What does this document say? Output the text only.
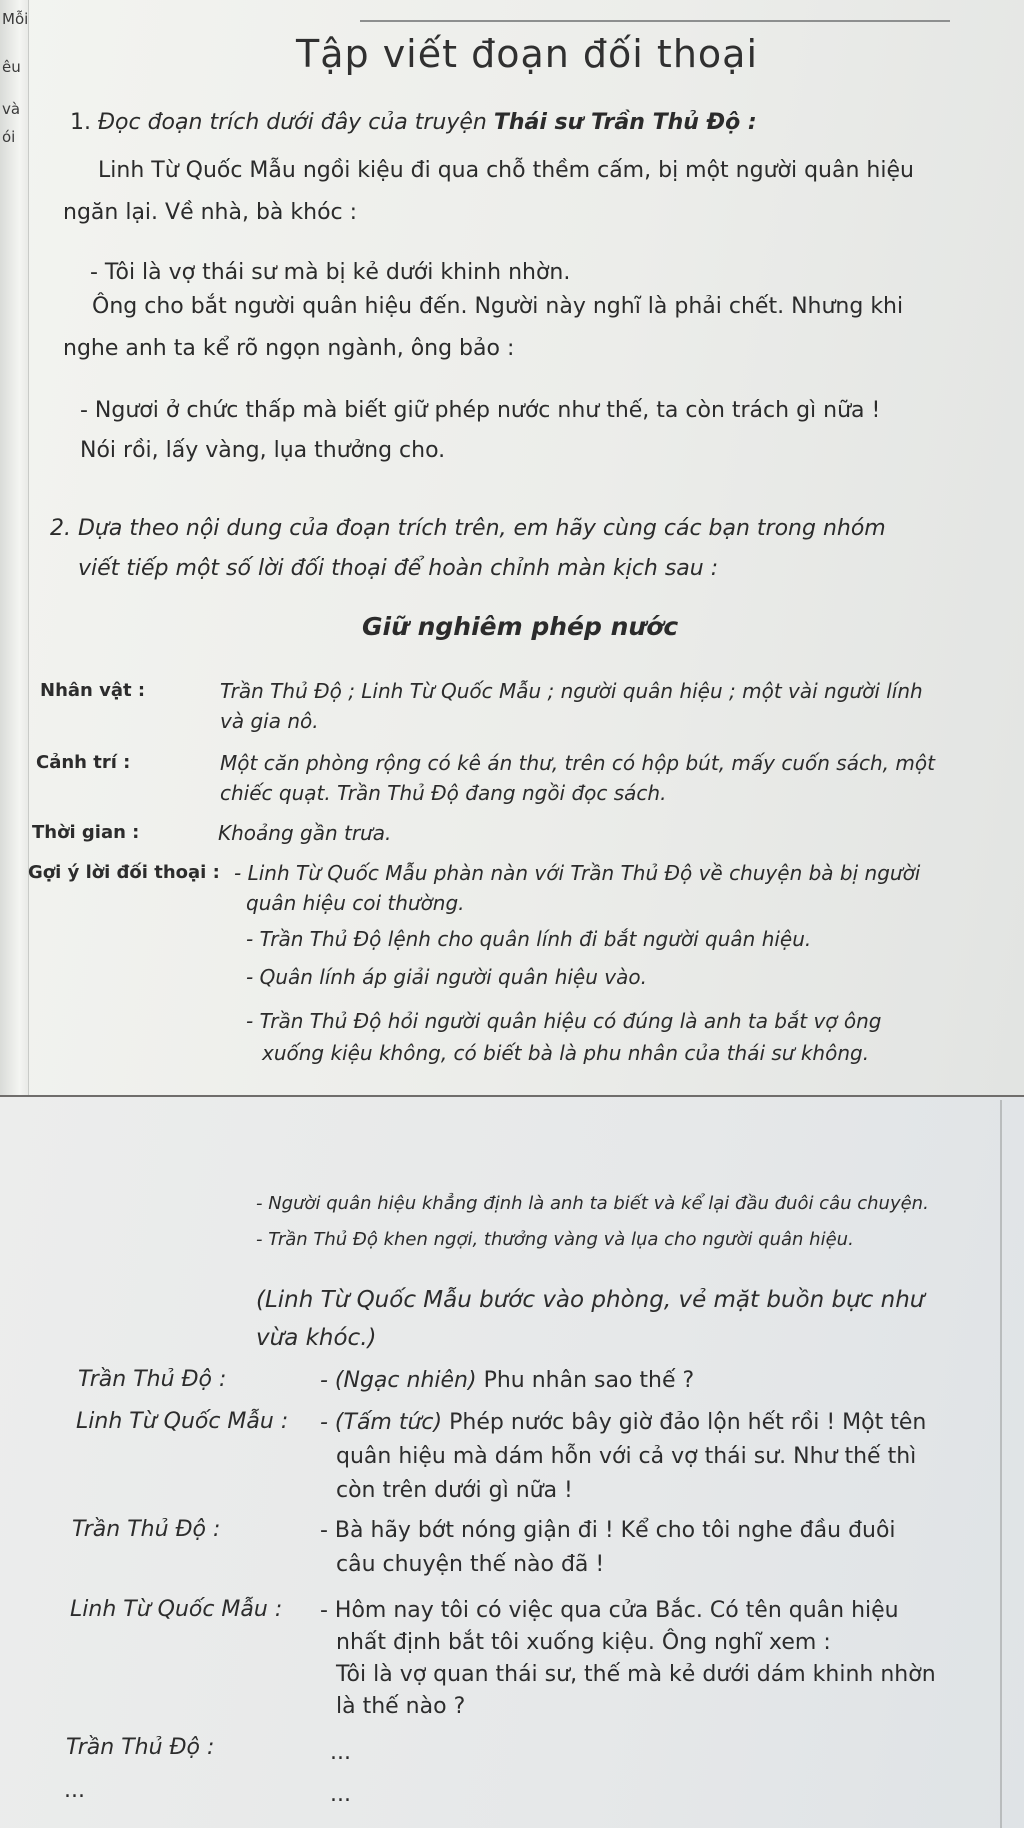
Mỗi
êu
và
ói
Tập viết đoạn đối thoại
1. Đọc đoạn trích dưới đây của truyện Thái sư Trần Thủ Độ :
Linh Từ Quốc Mẫu ngồi kiệu đi qua chỗ thềm cấm, bị một người quân hiệu
ngăn lại. Về nhà, bà khóc :
- Tôi là vợ thái sư mà bị kẻ dưới khinh nhờn.
Ông cho bắt người quân hiệu đến. Người này nghĩ là phải chết. Nhưng khi
nghe anh ta kể rõ ngọn ngành, ông bảo :
- Ngươi ở chức thấp mà biết giữ phép nước như thế, ta còn trách gì nữa !
Nói rồi, lấy vàng, lụa thưởng cho.
2. Dựa theo nội dung của đoạn trích trên, em hãy cùng các bạn trong nhóm
viết tiếp một số lời đối thoại để hoàn chỉnh màn kịch sau :
Giữ nghiêm phép nước
Nhân vật :	Trần Thủ Độ ; Linh Từ Quốc Mẫu ; người quân hiệu ; một vài người lính
và gia nô.
Cảnh trí :	Một căn phòng rộng có kê án thư, trên có hộp bút, mấy cuốn sách, một
chiếc quạt. Trần Thủ Độ đang ngồi đọc sách.
Thời gian :	Khoảng gần trưa.
Gợi ý lời đối thoại : - Linh Từ Quốc Mẫu phàn nàn với Trần Thủ Độ về chuyện bà bị người
quân hiệu coi thường.
- Trần Thủ Độ lệnh cho quân lính đi bắt người quân hiệu.
- Quân lính áp giải người quân hiệu vào.
- Trần Thủ Độ hỏi người quân hiệu có đúng là anh ta bắt vợ ông
xuống kiệu không, có biết bà là phu nhân của thái sư không.
- Người quân hiệu khẳng định là anh ta biết và kể lại đầu đuôi câu chuyện.
- Trần Thủ Độ khen ngợi, thưởng vàng và lụa cho người quân hiệu.
(Linh Từ Quốc Mẫu bước vào phòng, vẻ mặt buồn bực như
vừa khóc.)
Trần Thủ Độ :	- (Ngạc nhiên) Phu nhân sao thế ?
Linh Từ Quốc Mẫu : - (Tấm tức) Phép nước bây giờ đảo lộn hết rồi ! Một tên
quân hiệu mà dám hỗn với cả vợ thái sư. Như thế thì
còn trên dưới gì nữa !
Trần Thủ Độ :	- Bà hãy bớt nóng giận đi ! Kể cho tôi nghe đầu đuôi
câu chuyện thế nào đã !
Linh Từ Quốc Mẫu : - Hôm nay tôi có việc qua cửa Bắc. Có tên quân hiệu
nhất định bắt tôi xuống kiệu. Ông nghĩ xem :
Tôi là vợ quan thái sư, thế mà kẻ dưới dám khinh nhờn
là thế nào ?
Trần Thủ Độ :	...
...	...
